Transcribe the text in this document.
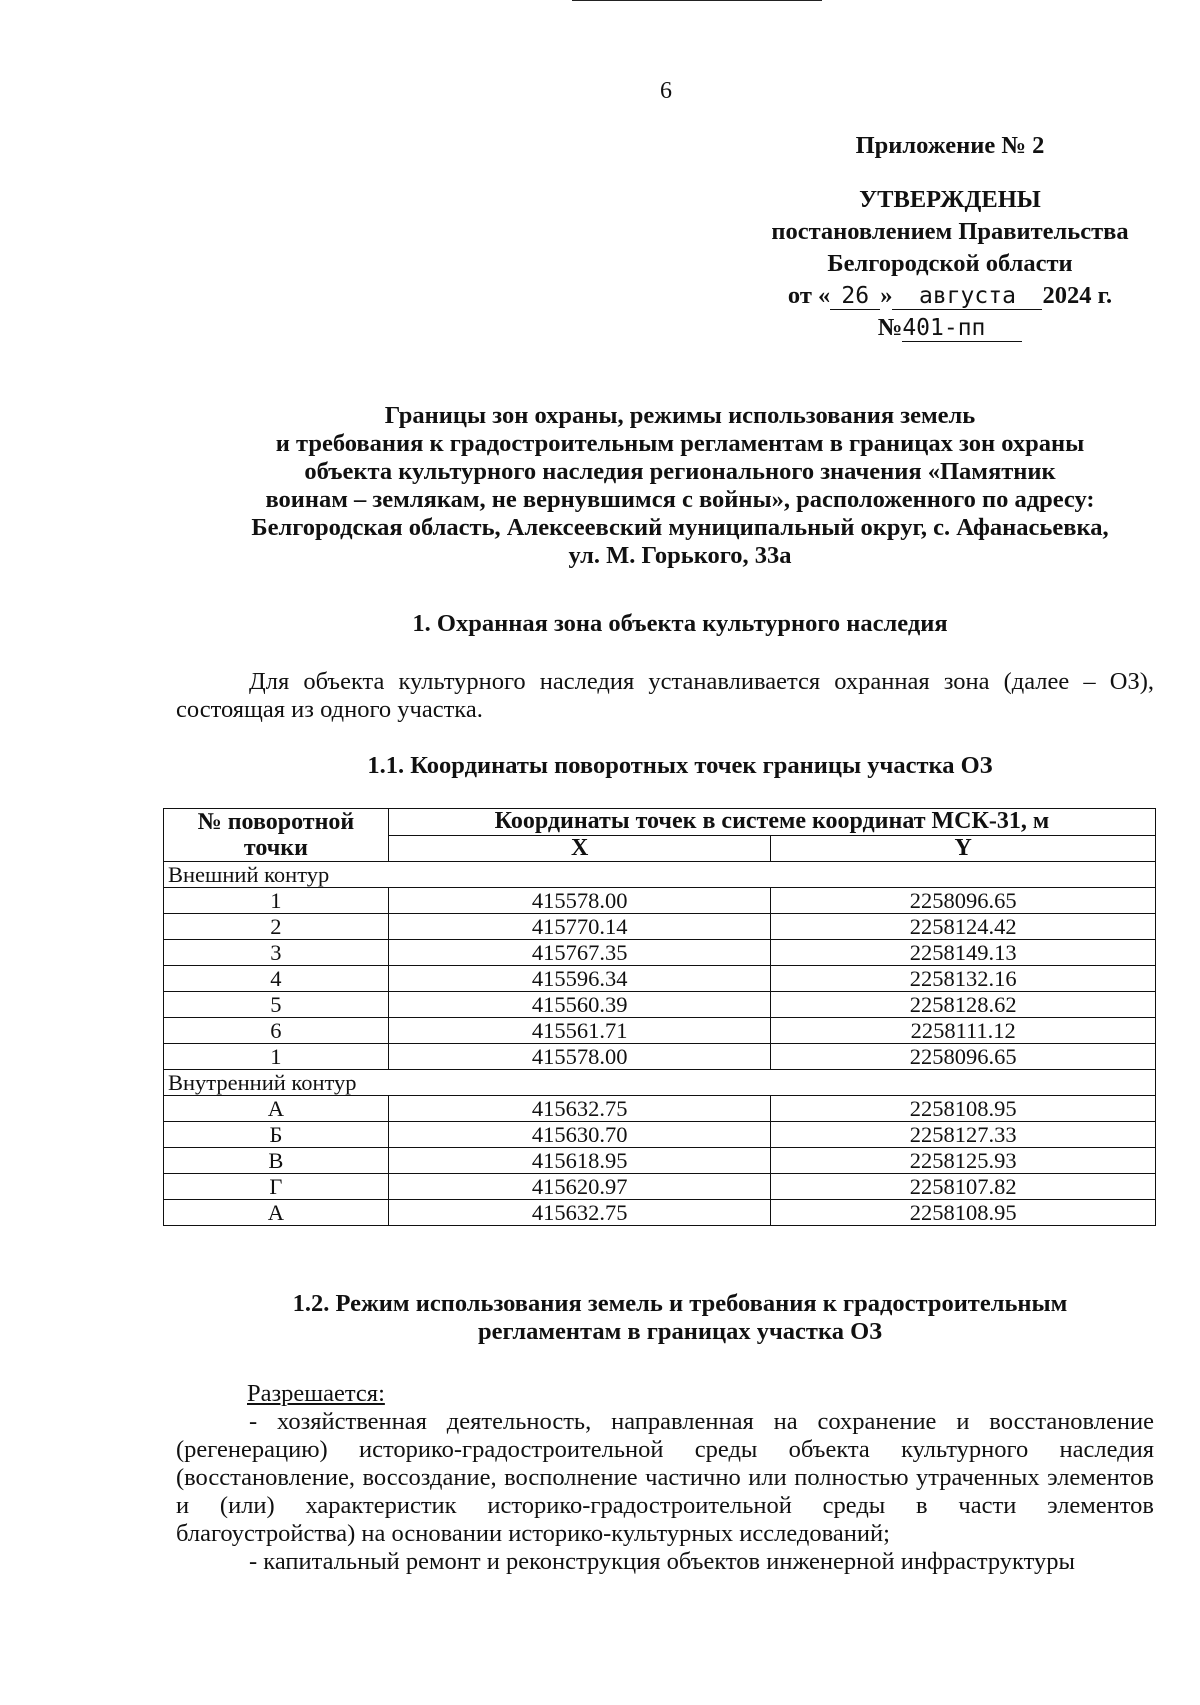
6
Приложение № 2
УТВЕРЖДЕНЫ
постановлением Правительства
Белгородской области
от « 26 » августа 2024 г.
№401-пп
Границы зон охраны, режимы использования земель
и требования к градостроительным регламентам в границах зон охраны
объекта культурного наследия регионального значения «Памятник
воинам – землякам, не вернувшимся с войны», расположенного по адресу:
Белгородская область, Алексеевский муниципальный округ, с. Афанасьевка,
ул. М. Горького, 33а
1. Охранная зона объекта культурного наследия
Для объекта культурного наследия устанавливается охранная зона (далее – ОЗ), состоящая из одного участка.
1.1. Координаты поворотных точек границы участка ОЗ
№ поворотной точки	Координаты точек в системе координат МСК-31, м	
	X	Y
Внешний контур		
1	415578.00	2258096.65
2	415770.14	2258124.42
3	415767.35	2258149.13
4	415596.34	2258132.16
5	415560.39	2258128.62
6	415561.71	2258111.12
1	415578.00	2258096.65
Внутренний контур		
А	415632.75	2258108.95
Б	415630.70	2258127.33
В	415618.95	2258125.93
Г	415620.97	2258107.82
А	415632.75	2258108.95
1.2. Режим использования земель и требования к градостроительным
регламентам в границах участка ОЗ
Разрешается:
- хозяйственная деятельность, направленная на сохранение и восстановление (регенерацию) историко-градостроительной среды объекта культурного наследия (восстановление, воссоздание, восполнение частично или полностью утраченных элементов и (или) характеристик историко-градостроительной среды в части элементов благоустройства) на основании историко-культурных исследований;
- капитальный ремонт и реконструкция объектов инженерной инфраструктуры
